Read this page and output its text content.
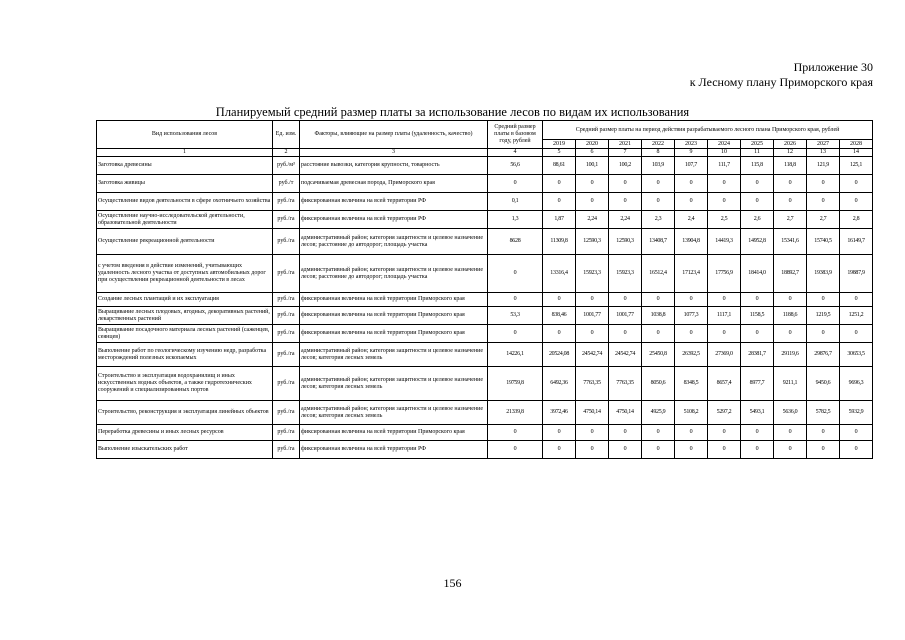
Приложение 30
к Лесному плану Приморского края
Планируемый средний размер платы за использование лесов по видам их использования
Вид использования лесов	Ед. изм.	Факторы, влияющие на размер платы (удаленность, качество)	Средний размер платы в базовом году, рублей	Средний размер платы на период действия разрабатываемого лесного плана Приморского края, рублей									
				2019	2020	2021	2022	2023	2024	2025	2026	2027	2028
1	2	3	4	5	6	7	8	9	10	11	12	13	14
Заготовка древесины	руб./м³	расстояние вывозки, категория крупности, товарность	56,6	88,61	100,1	100,2	103,9	107,7	111,7	115,8	118,8	121,9	125,1
Заготовка живицы	руб./т	подсачиваемая древесная порода, Приморского края	0	0	0	0	0	0	0	0	0	0	0
Осуществление видов деятельности в сфере охотничьего хозяйства	руб./га	фиксированная величина на всей территории РФ	0,1	0	0	0	0	0	0	0	0	0	0
Осуществление научно-исследовательской деятельности, образовательной деятельности	руб./га	фиксированная величина на всей территории РФ	1,3	1,87	2,24	2,24	2,3	2,4	2,5	2,6	2,7	2,7	2,8
Осуществление рекреационной деятельности	руб./га	административный район; категория защитности и целевое назначение лесов; расстояние до автодорог; площадь участка	8628	11309,8	12590,3	12590,3	13408,7	13904,8	14419,3	14952,8	15341,6	15740,5	16149,7
с учетом введения в действие изменений, учитывающих удаленность лесного участка от доступных автомобильных дорог при осуществлении рекреационной деятельности в лесах	руб./га	административный район; категория защитности и целевое назначение лесов; расстояние до автодорог; площадь участка	0	13316,4	15923,3	15923,3	16512,4	17123,4	17756,9	18414,0	18892,7	19383,9	19887,9
Создание лесных плантаций и их эксплуатация	руб./га	фиксированная величина на всей территории Приморского края	0	0	0	0	0	0	0	0	0	0	0
Выращивание лесных плодовых, ягодных, декоративных растений, лекарственных растений	руб./га	фиксированная величина на всей территории Приморского края	53,3	838,46	1001,77	1001,77	1038,8	1077,3	1117,1	1158,5	1188,6	1219,5	1251,2
Выращивание посадочного материала лесных растений (саженцев, сеянцев)	руб./га	фиксированная величина на всей территории Приморского края	0	0	0	0	0	0	0	0	0	0	0
Выполнение работ по геологическому изучению недр, разработка месторождений полезных ископаемых	руб./га	административный район; категория защитности и целевое назначение лесов; категория лесных земель	14226,1	20524,08	24542,74	24542,74	25450,8	26392,5	27369,0	28381,7	29119,6	29876,7	30653,5
Строительство и эксплуатация водохранилищ и иных искусственных водных объектов, а также гидротехнических сооружений и специализированных портов	руб./га	административный район; категория защитности и целевое назначение лесов; категория лесных земель	19759,8	6492,36	7763,35	7763,35	8050,6	8348,5	8657,4	8977,7	9211,1	9450,6	9696,3
Строительство, реконструкция и эксплуатация линейных объектов	руб./га	административный район; категория защитности и целевое назначение лесов; категория лесных земель	21339,8	3972,46	4750,14	4750,14	4925,9	5108,2	5297,2	5493,1	5636,0	5782,5	5932,9
Переработка древесины и иных лесных ресурсов	руб./га	фиксированная величина на всей территории Приморского края	0	0	0	0	0	0	0	0	0	0	0
Выполнение изыскательских работ	руб./га	фиксированная величина на всей территории РФ	0	0	0	0	0	0	0	0	0	0	0
156
